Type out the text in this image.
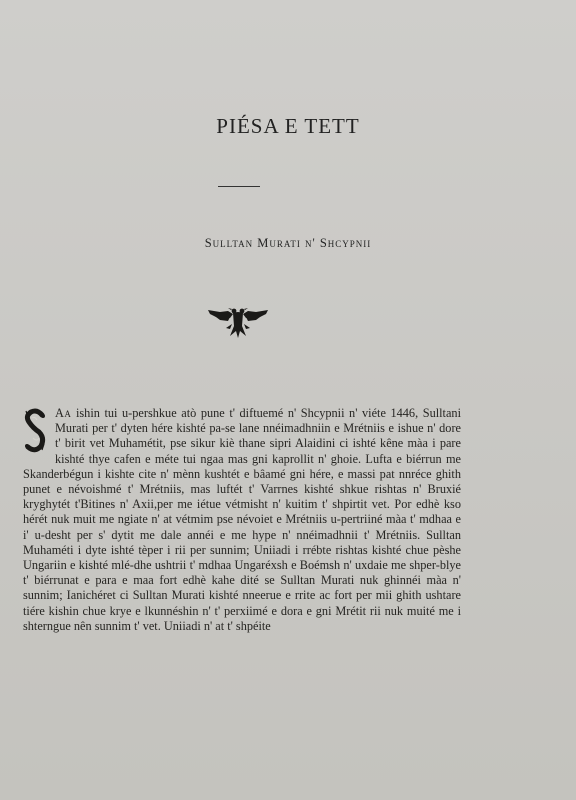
PIÉSA E TETT
Sulltan Murati n' Shcypnii
Aa ishin tui u-pershkue atò pune t' diftuemé n' Shcypnii n' viéte 1446, Sulltani Murati per t' dyten hére kishté pa-se lane nnéimadhniin e Mrétniis e ishue n' dore t' birit vet Muhamétit, pse sikur kiè thane sipri Alaidini ci ishté kêne màa i pare kishté thye cafen e méte tui ngaa mas gni kaprollit n' ghoie. Lufta e biérrun me Skanderbégun i kishte cite n' mènn kushtét e bâamé gni hére, e massi pat nnréce ghith punet e névoishmé t' Mrétniis, mas luftét t' Varrnes kishté shkue rishtas n' Bruxié kryghytét t'Bitines n' Axii,per me iétue vétmisht n' kuitim t' shpirtit vet. Por edhè kso hérét nuk muit me ngiate n' at vétmim pse névoiet e Mrétniis u-pertriiné màa t' mdhaa e i' u-desht per s' dytit me dale annéi e me hype n' nnéimadhnii t' Mrétniis. Sulltan Muhaméti i dyte ishté tèper i rii per sunnim; Uniiadi i rrébte rishtas kishté chue pèshe Ungariin e kishté mlé-dhe ushtrii t' mdhaa Ungaréxsh e Boémsh n' uxdaie me shper-blye t' biérrunat e para e maa fort edhè kahe dité se Sulltan Murati nuk ghinnéi màa n' sunnim; Ianichéret ci Sulltan Murati kishté nneerue e rrite ac fort per mii ghith ushtare tiére kishin chue krye e lkunnéshin n' t' perxiimé e dora e gni Mrétit rii nuk muité me i shterngue nên sunnim t' vet. Uniiadi n' at t' shpéite
